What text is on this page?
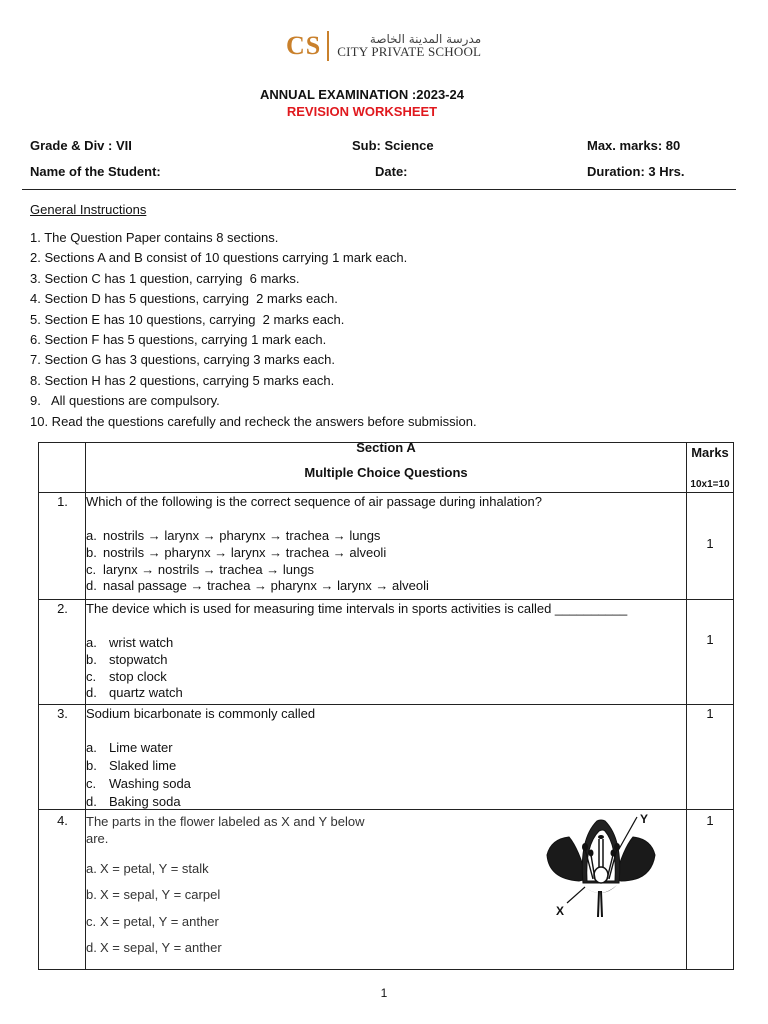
CS	مدرسة المدينة الخاصة
CITY PRIVATE SCHOOL
ANNUAL EXAMINATION :2023-24
REVISION WORKSHEET
Grade & Div : VII	Sub: Science	Max. marks: 80
Name of the Student:	Date:	Duration: 3 Hrs.
General Instructions
1. The Question Paper contains 8 sections.
2. Sections A and B consist of 10 questions carrying 1 mark each.
3. Section C has 1 question, carrying  6 marks.
4. Section D has 5 questions, carrying  2 marks each.
5. Section E has 10 questions, carrying  2 marks each.
6. Section F has 5 questions, carrying 1 mark each.
7. Section G has 3 questions, carrying 3 marks each.
8. Section H has 2 questions, carrying 5 marks each.
9.   All questions are compulsory.
10. Read the questions carefully and recheck the answers before submission.
Section A
Multiple Choice Questions
Marks
10x1=10
1.	Which of the following is the correct sequence of air passage during inhalation?
a. nostrils → larynx → pharynx → trachea → lungs
b. nostrils → pharynx → larynx → trachea → alveoli
c. larynx → nostrils → trachea → lungs
d. nasal passage → trachea → pharynx → larynx → alveoli
1
2.	The device which is used for measuring time intervals in sports activities is called __________
a. wrist watch
b. stopwatch
c. stop clock
d. quartz watch
1
3.	Sodium bicarbonate is commonly called
a. Lime water
b. Slaked lime
c. Washing soda
d. Baking soda
1
4.	The parts in the flower labeled as X and Y below
are.
a. X = petal, Y = stalk
b. X = sepal, Y = carpel
c. X = petal, Y = anther
d. X = sepal, Y = anther
1
Y
X
1
